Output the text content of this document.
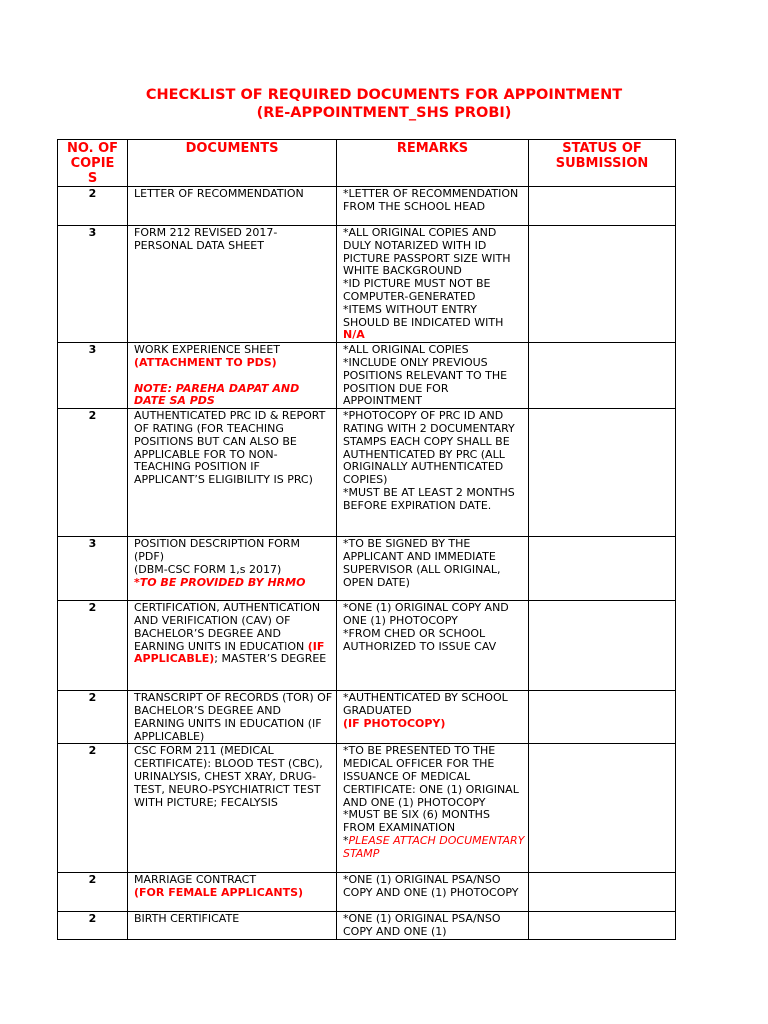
CHECKLIST OF REQUIRED DOCUMENTS FOR APPOINTMENT
(RE-APPOINTMENT_SHS PROBI)
NO. OF COPIE S	DOCUMENTS	REMARKS	STATUS OF SUBMISSION
2	LETTER OF RECOMMENDATION	*LETTER OF RECOMMENDATION FROM THE SCHOOL HEAD	

3	FORM 212 REVISED 2017- PERSONAL DATA SHEET	*ALL ORIGINAL COPIES AND DULY NOTARIZED WITH ID PICTURE PASSPORT SIZE WITH WHITE BACKGROUND
*ID PICTURE MUST NOT BE COMPUTER-GENERATED
*ITEMS WITHOUT ENTRY SHOULD BE INDICATED WITH
N/A	

3	WORK EXPERIENCE SHEET
(ATTACHMENT TO PDS)
NOTE: PAREHA DAPAT AND DATE SA PDS	*ALL ORIGINAL COPIES
*INCLUDE ONLY PREVIOUS POSITIONS RELEVANT TO THE POSITION DUE FOR APPOINTMENT	

2	AUTHENTICATED PRC ID & REPORT OF RATING (FOR TEACHING POSITIONS BUT CAN ALSO BE APPLICABLE FOR TO NON-TEACHING POSITION IF APPLICANT’S ELIGIBILITY IS PRC)	*PHOTOCOPY OF PRC ID AND RATING WITH 2 DOCUMENTARY STAMPS EACH COPY SHALL BE AUTHENTICATED BY PRC (ALL ORIGINALLY AUTHENTICATED COPIES)
*MUST BE AT LEAST 2 MONTHS BEFORE EXPIRATION DATE.	

3	POSITION DESCRIPTION FORM (PDF)
(DBM-CSC FORM 1,s 2017)
*TO BE PROVIDED BY HRMO	*TO BE SIGNED BY THE APPLICANT AND IMMEDIATE SUPERVISOR (ALL ORIGINAL, OPEN DATE)	

2	CERTIFICATION, AUTHENTICATION AND VERIFICATION (CAV) OF BACHELOR’S DEGREE AND EARNING UNITS IN EDUCATION (IF APPLICABLE); MASTER’S DEGREE	*ONE (1) ORIGINAL COPY AND ONE (1) PHOTOCOPY
*FROM CHED OR SCHOOL AUTHORIZED TO ISSUE CAV	

2	TRANSCRIPT OF RECORDS (TOR) OF BACHELOR’S DEGREE AND EARNING UNITS IN EDUCATION (IF APPLICABLE)	*AUTHENTICATED BY SCHOOL GRADUATED
(IF PHOTOCOPY)	

2	CSC FORM 211 (MEDICAL CERTIFICATE): BLOOD TEST (CBC), URINALYSIS, CHEST XRAY, DRUG-TEST, NEURO-PSYCHIATRICT TEST WITH PICTURE; FECALYSIS	*TO BE PRESENTED TO THE MEDICAL OFFICER FOR THE ISSUANCE OF MEDICAL CERTIFICATE: ONE (1) ORIGINAL AND ONE (1) PHOTOCOPY
*MUST BE SIX (6) MONTHS FROM EXAMINATION
*PLEASE ATTACH DOCUMENTARY STAMP	
2	MARRIAGE CONTRACT
(FOR FEMALE APPLICANTS)	*ONE (1) ORIGINAL PSA/NSO COPY AND ONE (1) PHOTOCOPY	

2	BIRTH CERTIFICATE	*ONE (1) ORIGINAL PSA/NSO COPY AND ONE (1)	
